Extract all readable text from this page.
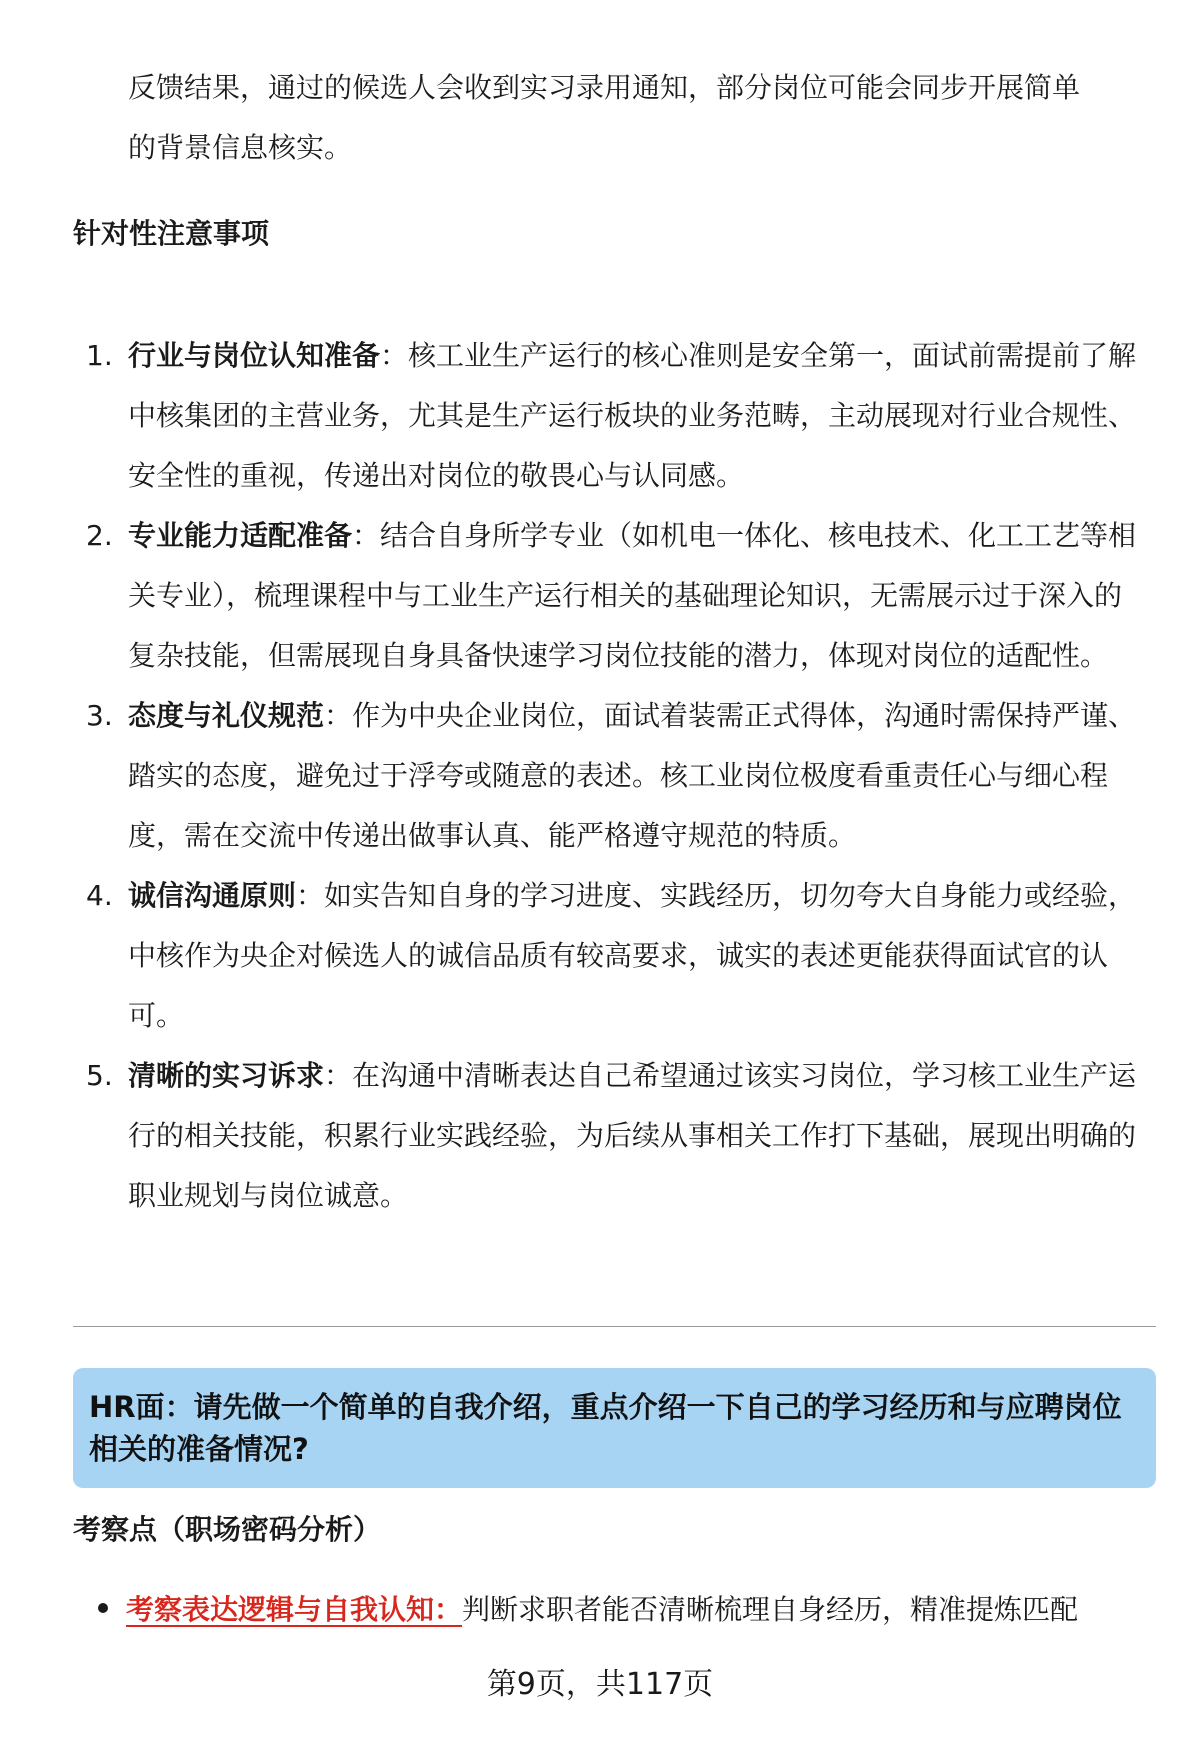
反馈结果，通过的候选人会收到实习录用通知，部分岗位可能会同步开展简单
的背景信息核实。

针对性注意事项
1. 行业与岗位认知准备：核工业生产运行的核心准则是安全第一，面试前需提前了解中核集团的主营业务，尤其是生产运行板块的业务范畴，主动展现对行业合规性、安全性的重视，传递出对岗位的敬畏心与认同感。
2. 专业能力适配准备：结合自身所学专业（如机电一体化、核电技术、化工工艺等相关专业），梳理课程中与工业生产运行相关的基础理论知识，无需展示过于深入的复杂技能，但需展现自身具备快速学习岗位技能的潜力，体现对岗位的适配性。
3. 态度与礼仪规范：作为中央企业岗位，面试着装需正式得体，沟通时需保持严谨、踏实的态度，避免过于浮夸或随意的表述。核工业岗位极度看重责任心与细心程度，需在交流中传递出做事认真、能严格遵守规范的特质。
4. 诚信沟通原则：如实告知自身的学习进度、实践经历，切勿夸大自身能力或经验，中核作为央企对候选人的诚信品质有较高要求，诚实的表述更能获得面试官的认可。
5. 清晰的实习诉求：在沟通中清晰表达自己希望通过该实习岗位，学习核工业生产运行的相关技能，积累行业实践经验，为后续从事相关工作打下基础，展现出明确的职业规划与岗位诚意。

HR面：请先做一个简单的自我介绍，重点介绍一下自己的学习经历和与应聘岗位相关的准备情况?

考察点（职场密码分析）
考察表达逻辑与自我认知：判断求职者能否清晰梳理自身经历，精准提炼匹配
第9页，共117页
